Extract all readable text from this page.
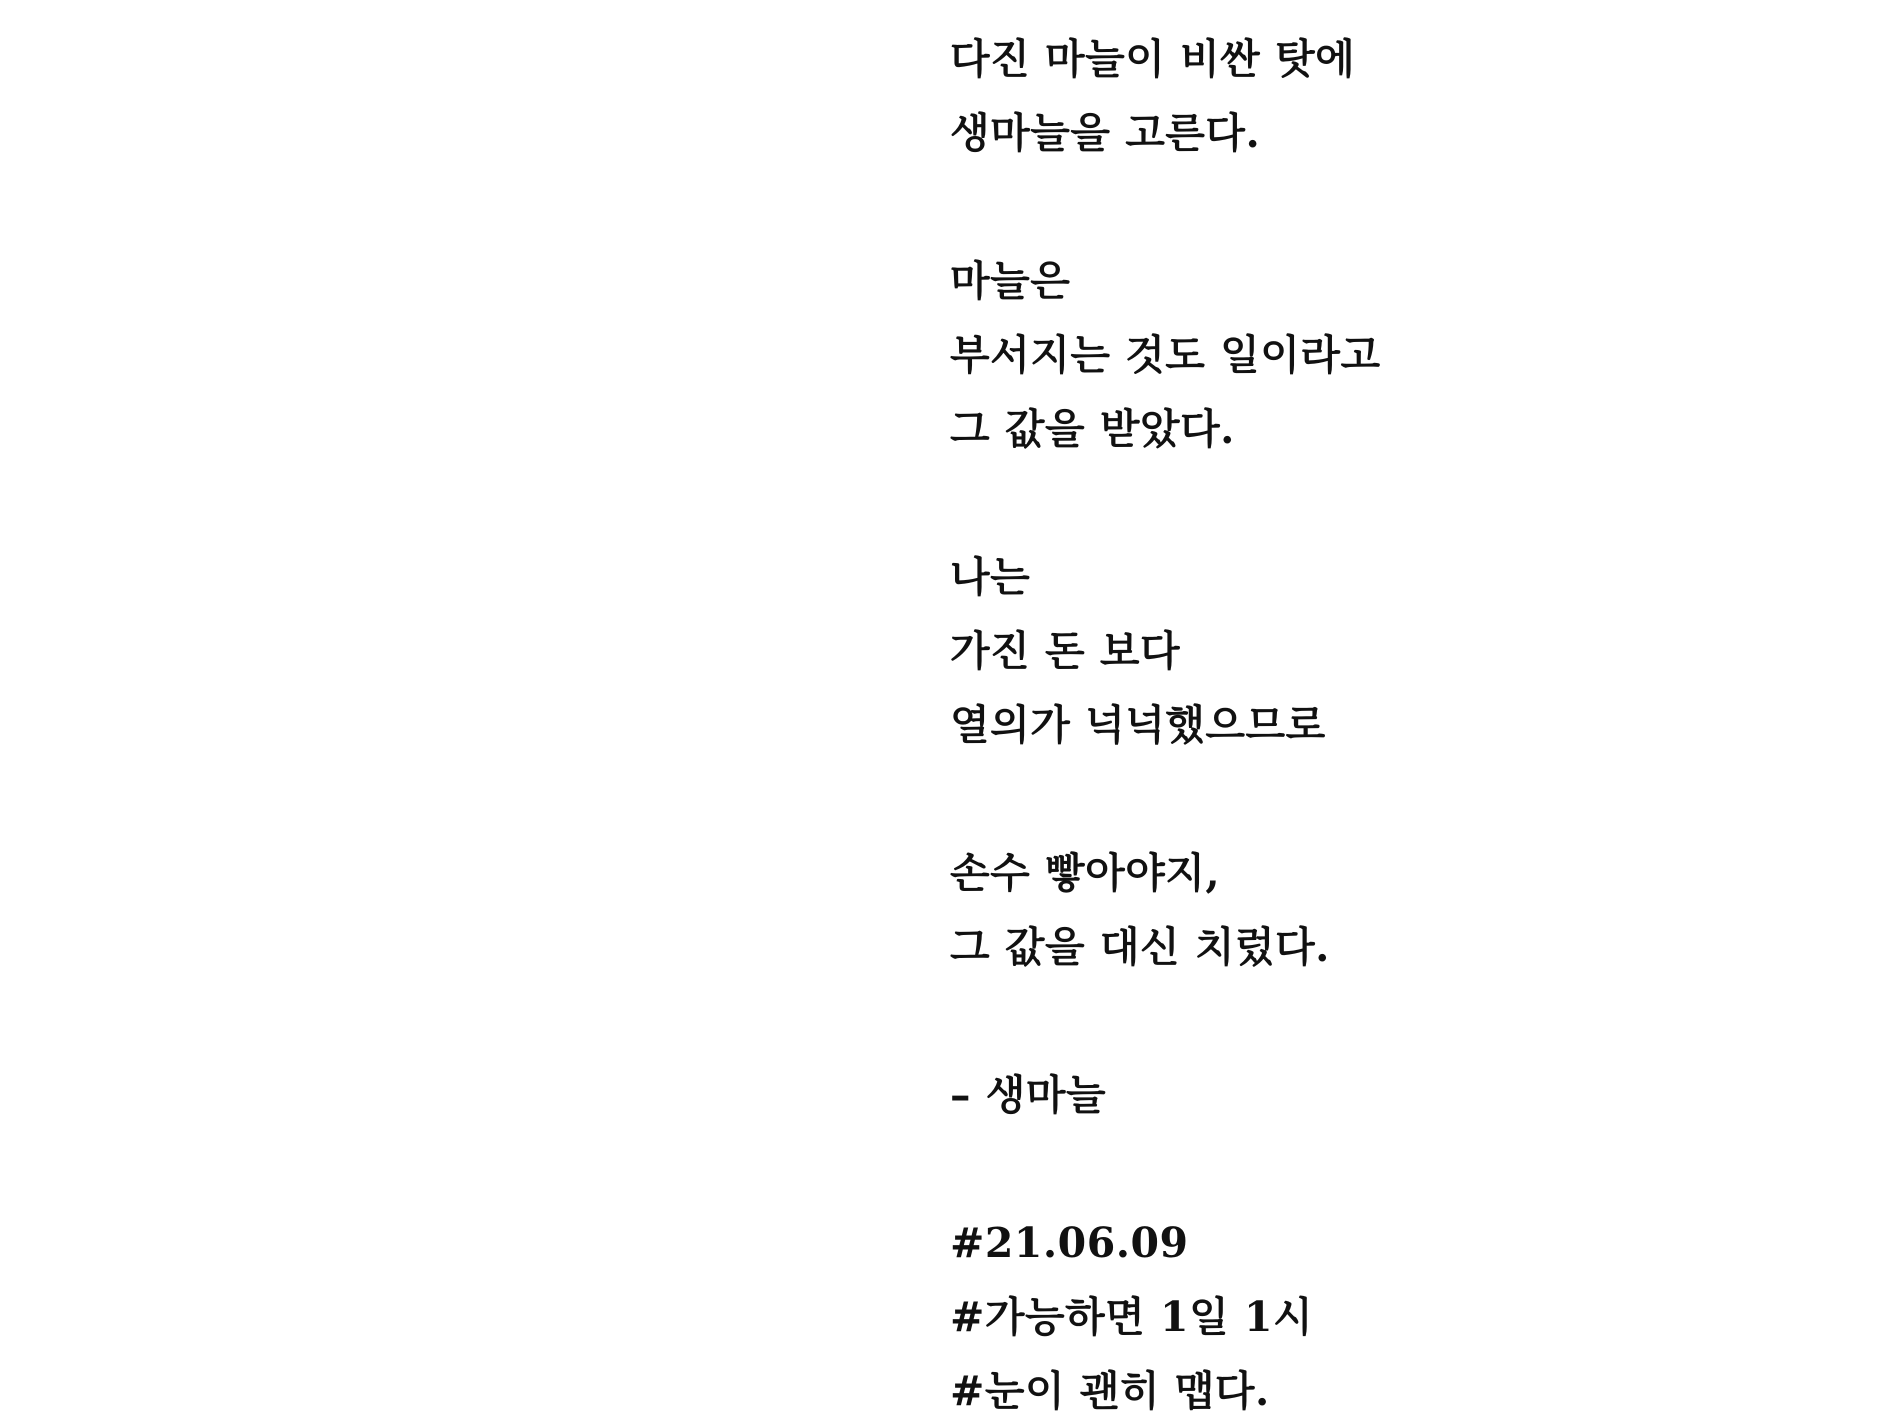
다진 마늘이 비싼 탓에
생마늘을 고른다.
마늘은
부서지는 것도 일이라고
그 값을 받았다.
나는
가진 돈 보다
열의가 넉넉했으므로
손수 빻아야지,
그 값을 대신 치렀다.
– 생마늘
#21.06.09
#가능하면 1일 1시
#눈이 괜히 맵다.
